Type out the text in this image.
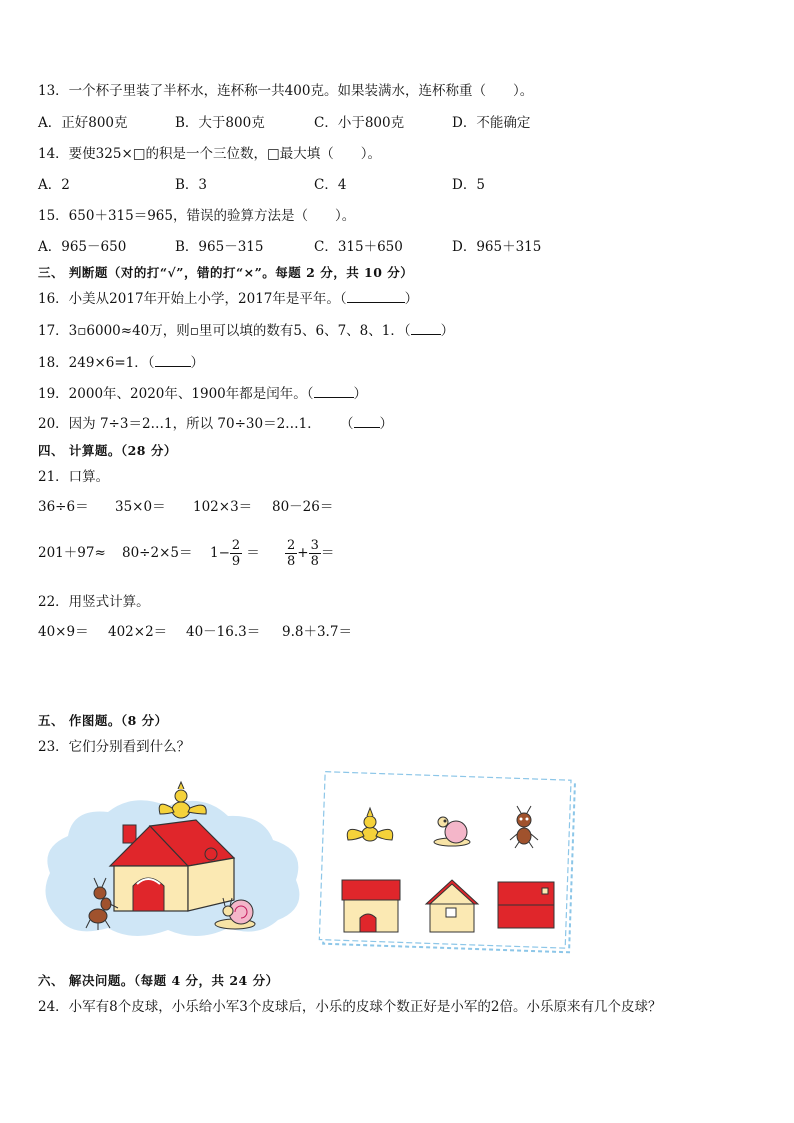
13．一个杯子里装了半杯水，连杯称一共400克。如果装满水，连杯称重（　　）。
A．正好800克	B．大于800克	C．小于800克	D．不能确定
14．要使325×□的积是一个三位数，□最大填（　　）。
A．2	B．3	C．4	D．5
15．650＋315＝965，错误的验算方法是（　　）。
A．965－650	B．965－315	C．315＋650	D．965＋315
三、 判断题（对的打“√”，错的打“×”。每题 2 分，共 10 分）
16．小美从2017年开始上小学，2017年是平年。（	）
17．3▫6000≈40万，则▫里可以填的数有5、6、7、8、1．（ ）
18．249×6=1．（	）
19．2000年、2020年、1900年都是闰年。（	）
20．因为 7÷3＝2…1，所以 70÷30＝2…1． （ ）
四、 计算题。（28 分）
21．口算。
36÷6＝ 35×0＝ 102×3＝ 80－26＝
$201+97\approx 80\div 2\times 5= 1- \frac{2}{9} = \frac{2}{8} + \frac{3}{8}$ ＝
22．用竖式计算。
40×9＝ 402×2＝ 40－16.3＝ 9.8＋3.7＝
五、 作图题。（8 分）
23．它们分别看到什么？
六、 解决问题。（每题 4 分，共 24 分）
24．小军有8个皮球，小乐给小军3个皮球后，小乐的皮球个数正好是小军的2倍。小乐原来有几个皮球？
